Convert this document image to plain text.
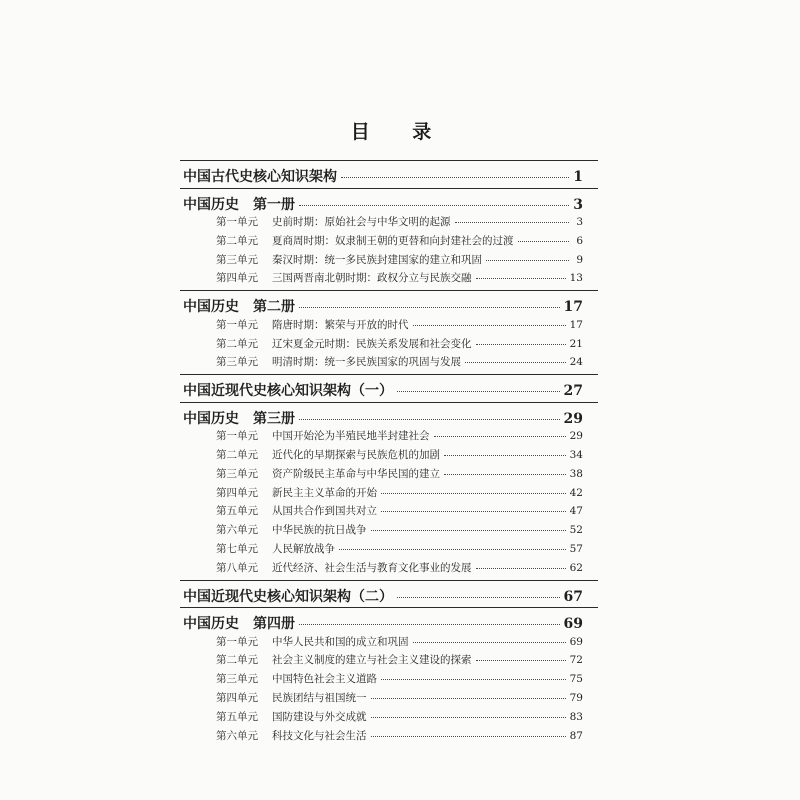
目 录
中国古代史核心知识架构	1
中国历史　第一册	3
第一单元 史前时期：原始社会与中华文明的起源	3
第二单元 夏商周时期：奴隶制王朝的更替和向封建社会的过渡	6
第三单元 秦汉时期：统一多民族封建国家的建立和巩固	9
第四单元 三国两晋南北朝时期：政权分立与民族交融	13
中国历史　第二册	17
第一单元 隋唐时期：繁荣与开放的时代	17
第二单元 辽宋夏金元时期：民族关系发展和社会变化	21
第三单元 明清时期：统一多民族国家的巩固与发展	24
中国近现代史核心知识架构（一）	27
中国历史　第三册	29
第一单元 中国开始沦为半殖民地半封建社会	29
第二单元 近代化的早期探索与民族危机的加剧	34
第三单元 资产阶级民主革命与中华民国的建立	38
第四单元 新民主主义革命的开始	42
第五单元 从国共合作到国共对立	47
第六单元 中华民族的抗日战争	52
第七单元 人民解放战争	57
第八单元 近代经济、社会生活与教育文化事业的发展	62
中国近现代史核心知识架构（二）	67
中国历史　第四册	69
第一单元 中华人民共和国的成立和巩固	69
第二单元 社会主义制度的建立与社会主义建设的探索	72
第三单元 中国特色社会主义道路	75
第四单元 民族团结与祖国统一	79
第五单元 国防建设与外交成就	83
第六单元 科技文化与社会生活	87
